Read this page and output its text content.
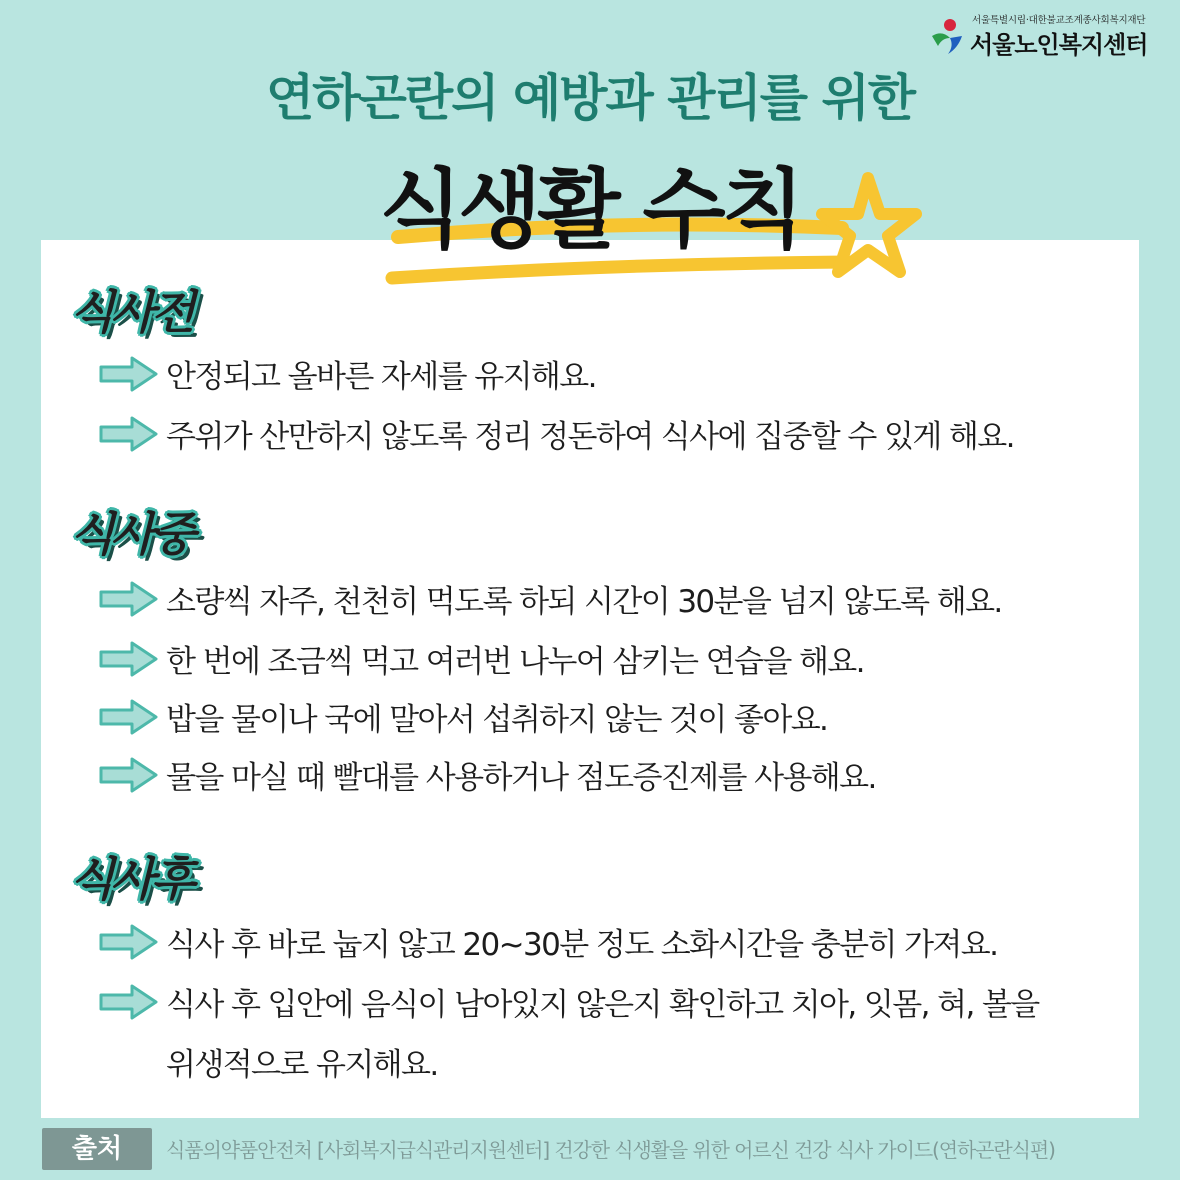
서울특별시립·대한불교조계종사회복지재단
서울노인복지센터
연하곤란의 예방과 관리를 위한
식생활 수칙
식사전
안정되고 올바른 자세를 유지해요.
주위가 산만하지 않도록 정리 정돈하여 식사에 집중할 수 있게 해요.
식사중
소량씩 자주, 천천히 먹도록 하되 시간이 30분을 넘지 않도록 해요.
한 번에 조금씩 먹고 여러번 나누어 삼키는 연습을 해요.
밥을 물이나 국에 말아서 섭취하지 않는 것이 좋아요.
물을 마실 때 빨대를 사용하거나 점도증진제를 사용해요.
식사후
식사 후 바로 눕지 않고 20~30분 정도 소화시간을 충분히 가져요.
식사 후 입안에 음식이 남아있지 않은지 확인하고 치아, 잇몸, 혀, 볼을
위생적으로 유지해요.
출처	식품의약품안전처 [사회복지급식관리지원센터] 건강한 식생활을 위한 어르신 건강 식사 가이드(연하곤란식편)
